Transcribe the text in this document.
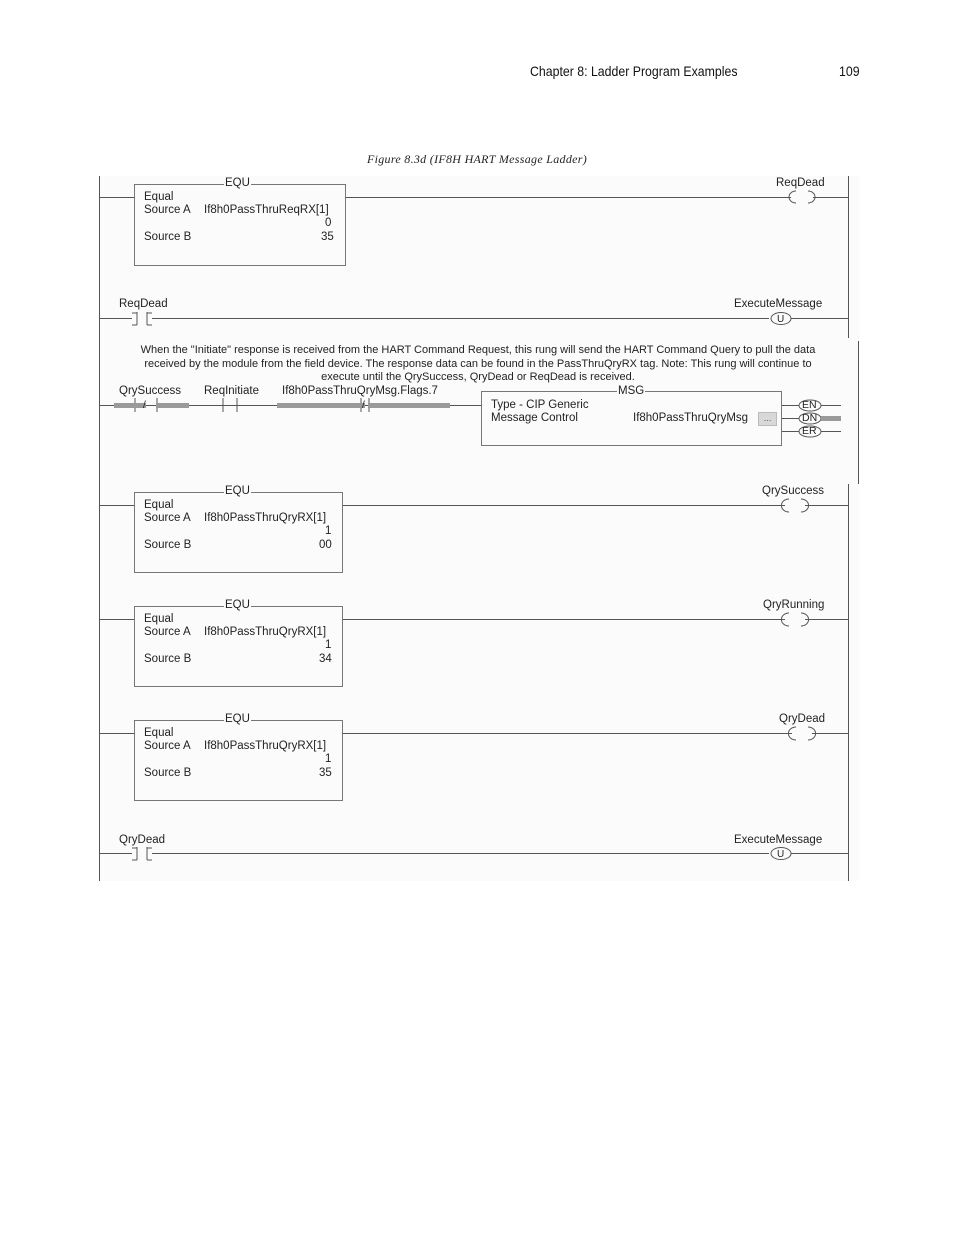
Chapter 8: Ladder Program Examples	109
Figure 8.3d (IF8H HART Message Ladder)
EQU
Equal
Source A If8h0PassThruReqRX[1]
0
Source B	35
ReqDead
ReqDead	ExecuteMessage
U
When the "Initiate" response is received from the HART Command Request, this rung will send the HART Command Query to pull the data
received by the module from the field device. The response data can be found in the PassThruQryRX tag. Note: This rung will continue to
execute until the QrySuccess, QryDead or ReqDead is received.
QrySuccess
/
ReqInitiate If8h0PassThruQryMsg.Flags.7
/
MSG
Type - CIP Generic
Message Control	If8h0PassThruQryMsg	...
EN
DN
ER
EQU
Equal
Source A If8h0PassThruQryRX[1]
1
Source B	00
QrySuccess
EQU
Equal
Source A If8h0PassThruQryRX[1]
1
Source B	34
QryRunning
EQU
Equal
Source A If8h0PassThruQryRX[1]
1
Source B	35
QryDead
QryDead	ExecuteMessage
U
